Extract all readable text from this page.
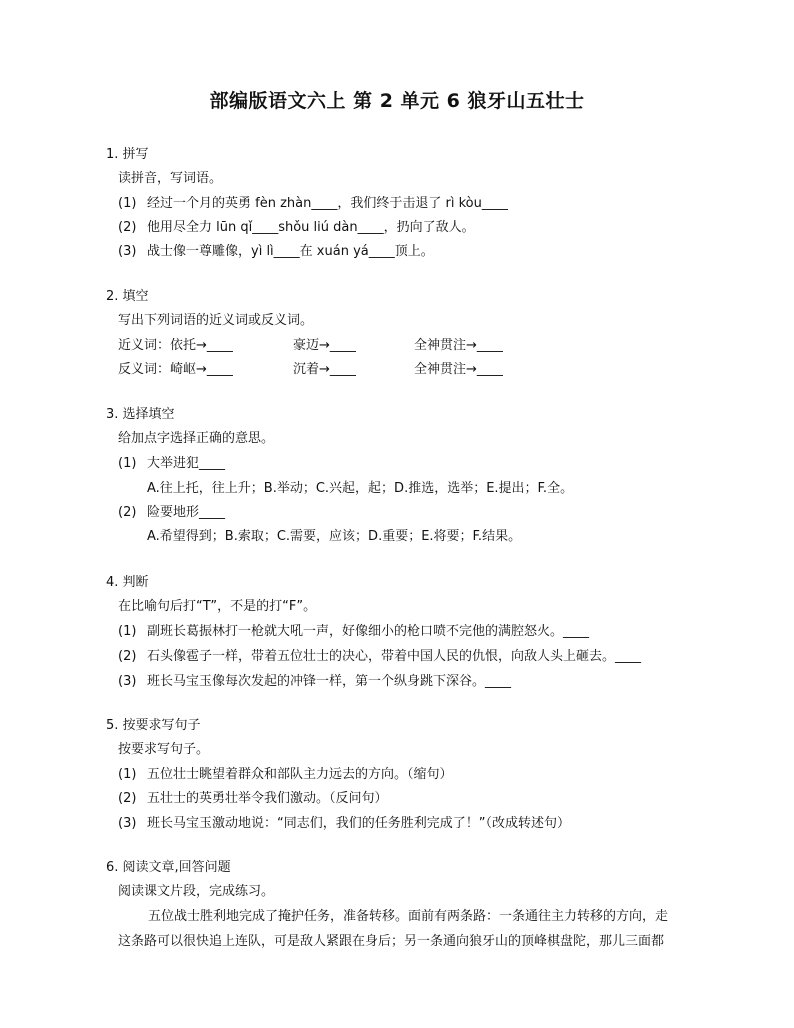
部编版语文六上 第 2 单元 6 狼牙山五壮士
1. 拼写
读拼音，写词语。
(1) 经过一个月的英勇 fèn zhàn____，我们终于击退了 rì kòu____
(2) 他用尽全力 lūn qǐ____shǒu liú dàn____，扔向了敌人。
(3) 战士像一尊雕像，yì lì____在 xuán yá____顶上。
2. 填空
写出下列词语的近义词或反义词。
近义词：依托→____	豪迈→____	全神贯注→____
反义词：崎岖→____	沉着→____	全神贯注→____
3. 选择填空
给加点字选择正确的意思。
(1) 大举进犯____
A.往上托，往上升；B.举动；C.兴起，起；D.推选，选举；E.提出；F.全。
(2) 险要地形____
A.希望得到；B.索取；C.需要，应该；D.重要；E.将要；F.结果。
4. 判断
在比喻句后打“T”，不是的打“F”。
(1) 副班长葛振林打一枪就大吼一声，好像细小的枪口喷不完他的满腔怒火。____
(2) 石头像雹子一样，带着五位壮士的决心，带着中国人民的仇恨，向敌人头上砸去。____
(3) 班长马宝玉像每次发起的冲锋一样，第一个纵身跳下深谷。____
5. 按要求写句子
按要求写句子。
(1) 五位壮士眺望着群众和部队主力远去的方向。（缩句）
(2) 五壮士的英勇壮举令我们激动。（反问句）
(3) 班长马宝玉激动地说：“同志们，我们的任务胜利完成了！”（改成转述句）
6. 阅读文章,回答问题
阅读课文片段，完成练习。
五位战士胜利地完成了掩护任务，准备转移。面前有两条路：一条通往主力转移的方向，走
这条路可以很快追上连队，可是敌人紧跟在身后；另一条通向狼牙山的顶峰棋盘陀，那儿三面都
